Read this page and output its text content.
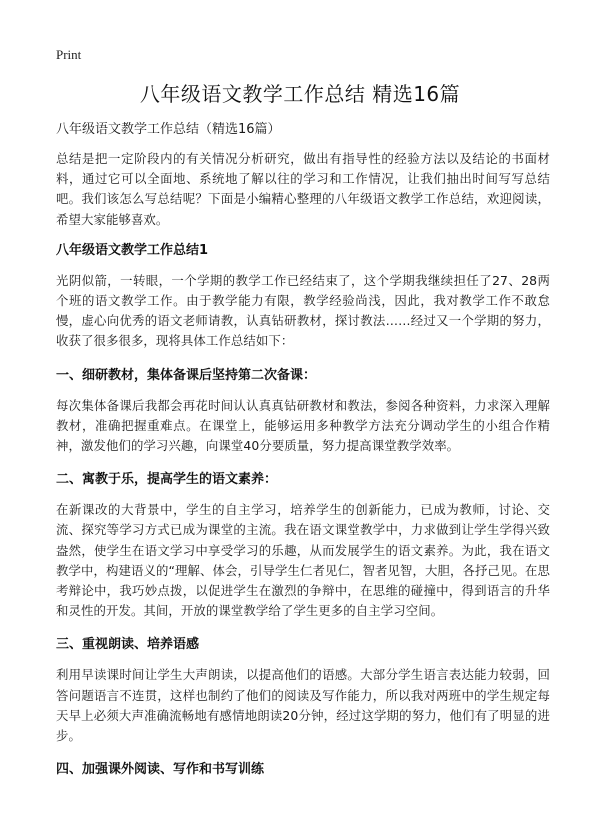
Print
八年级语文教学工作总结 精选16篇

八年级语文教学工作总结（精选16篇）

总结是把一定阶段内的有关情况分析研究，做出有指导性的经验方法以及结论的书面材料，通过它可以全面地、系统地了解以往的学习和工作情况，让我们抽出时间写写总结吧。我们该怎么写总结呢？下面是小编精心整理的八年级语文教学工作总结，欢迎阅读，希望大家能够喜欢。

八年级语文教学工作总结1

光阴似箭，一转眼，一个学期的教学工作已经结束了，这个学期我继续担任了27、28两个班的语文教学工作。由于教学能力有限，教学经验尚浅，因此，我对教学工作不敢怠慢，虚心向优秀的语文老师请教，认真钻研教材，探讨教法……经过又一个学期的努力，收获了很多很多，现将具体工作总结如下：

一、细研教材，集体备课后坚持第二次备课：

每次集体备课后我都会再花时间认认真真钻研教材和教法，参阅各种资料，力求深入理解教材，准确把握重难点。在课堂上，能够运用多种教学方法充分调动学生的小组合作精神，激发他们的学习兴趣，向课堂40分要质量，努力提高课堂教学效率。

二、寓教于乐，提高学生的语文素养：

在新课改的大背景中，学生的自主学习，培养学生的创新能力，已成为教师，讨论、交流、探究等学习方式已成为课堂的主流。我在语文课堂教学中，力求做到让学生学得兴致盎然，使学生在语文学习中享受学习的乐趣，从而发展学生的语文素养。为此，我在语文教学中，构建语义的“理解、体会，引导学生仁者见仁，智者见智，大胆，各抒己见。在思考辩论中，我巧妙点拨，以促进学生在激烈的争辩中，在思维的碰撞中，得到语言的升华和灵性的开发。其间，开放的课堂教学给了学生更多的自主学习空间。

三、重视朗读、培养语感

利用早读课时间让学生大声朗读，以提高他们的语感。大部分学生语言表达能力较弱，回答问题语言不连贯，这样也制约了他们的阅读及写作能力，所以我对两班中的学生规定每天早上必须大声准确流畅地有感情地朗读20分钟，经过这学期的努力，他们有了明显的进步。

四、加强课外阅读、写作和书写训练
